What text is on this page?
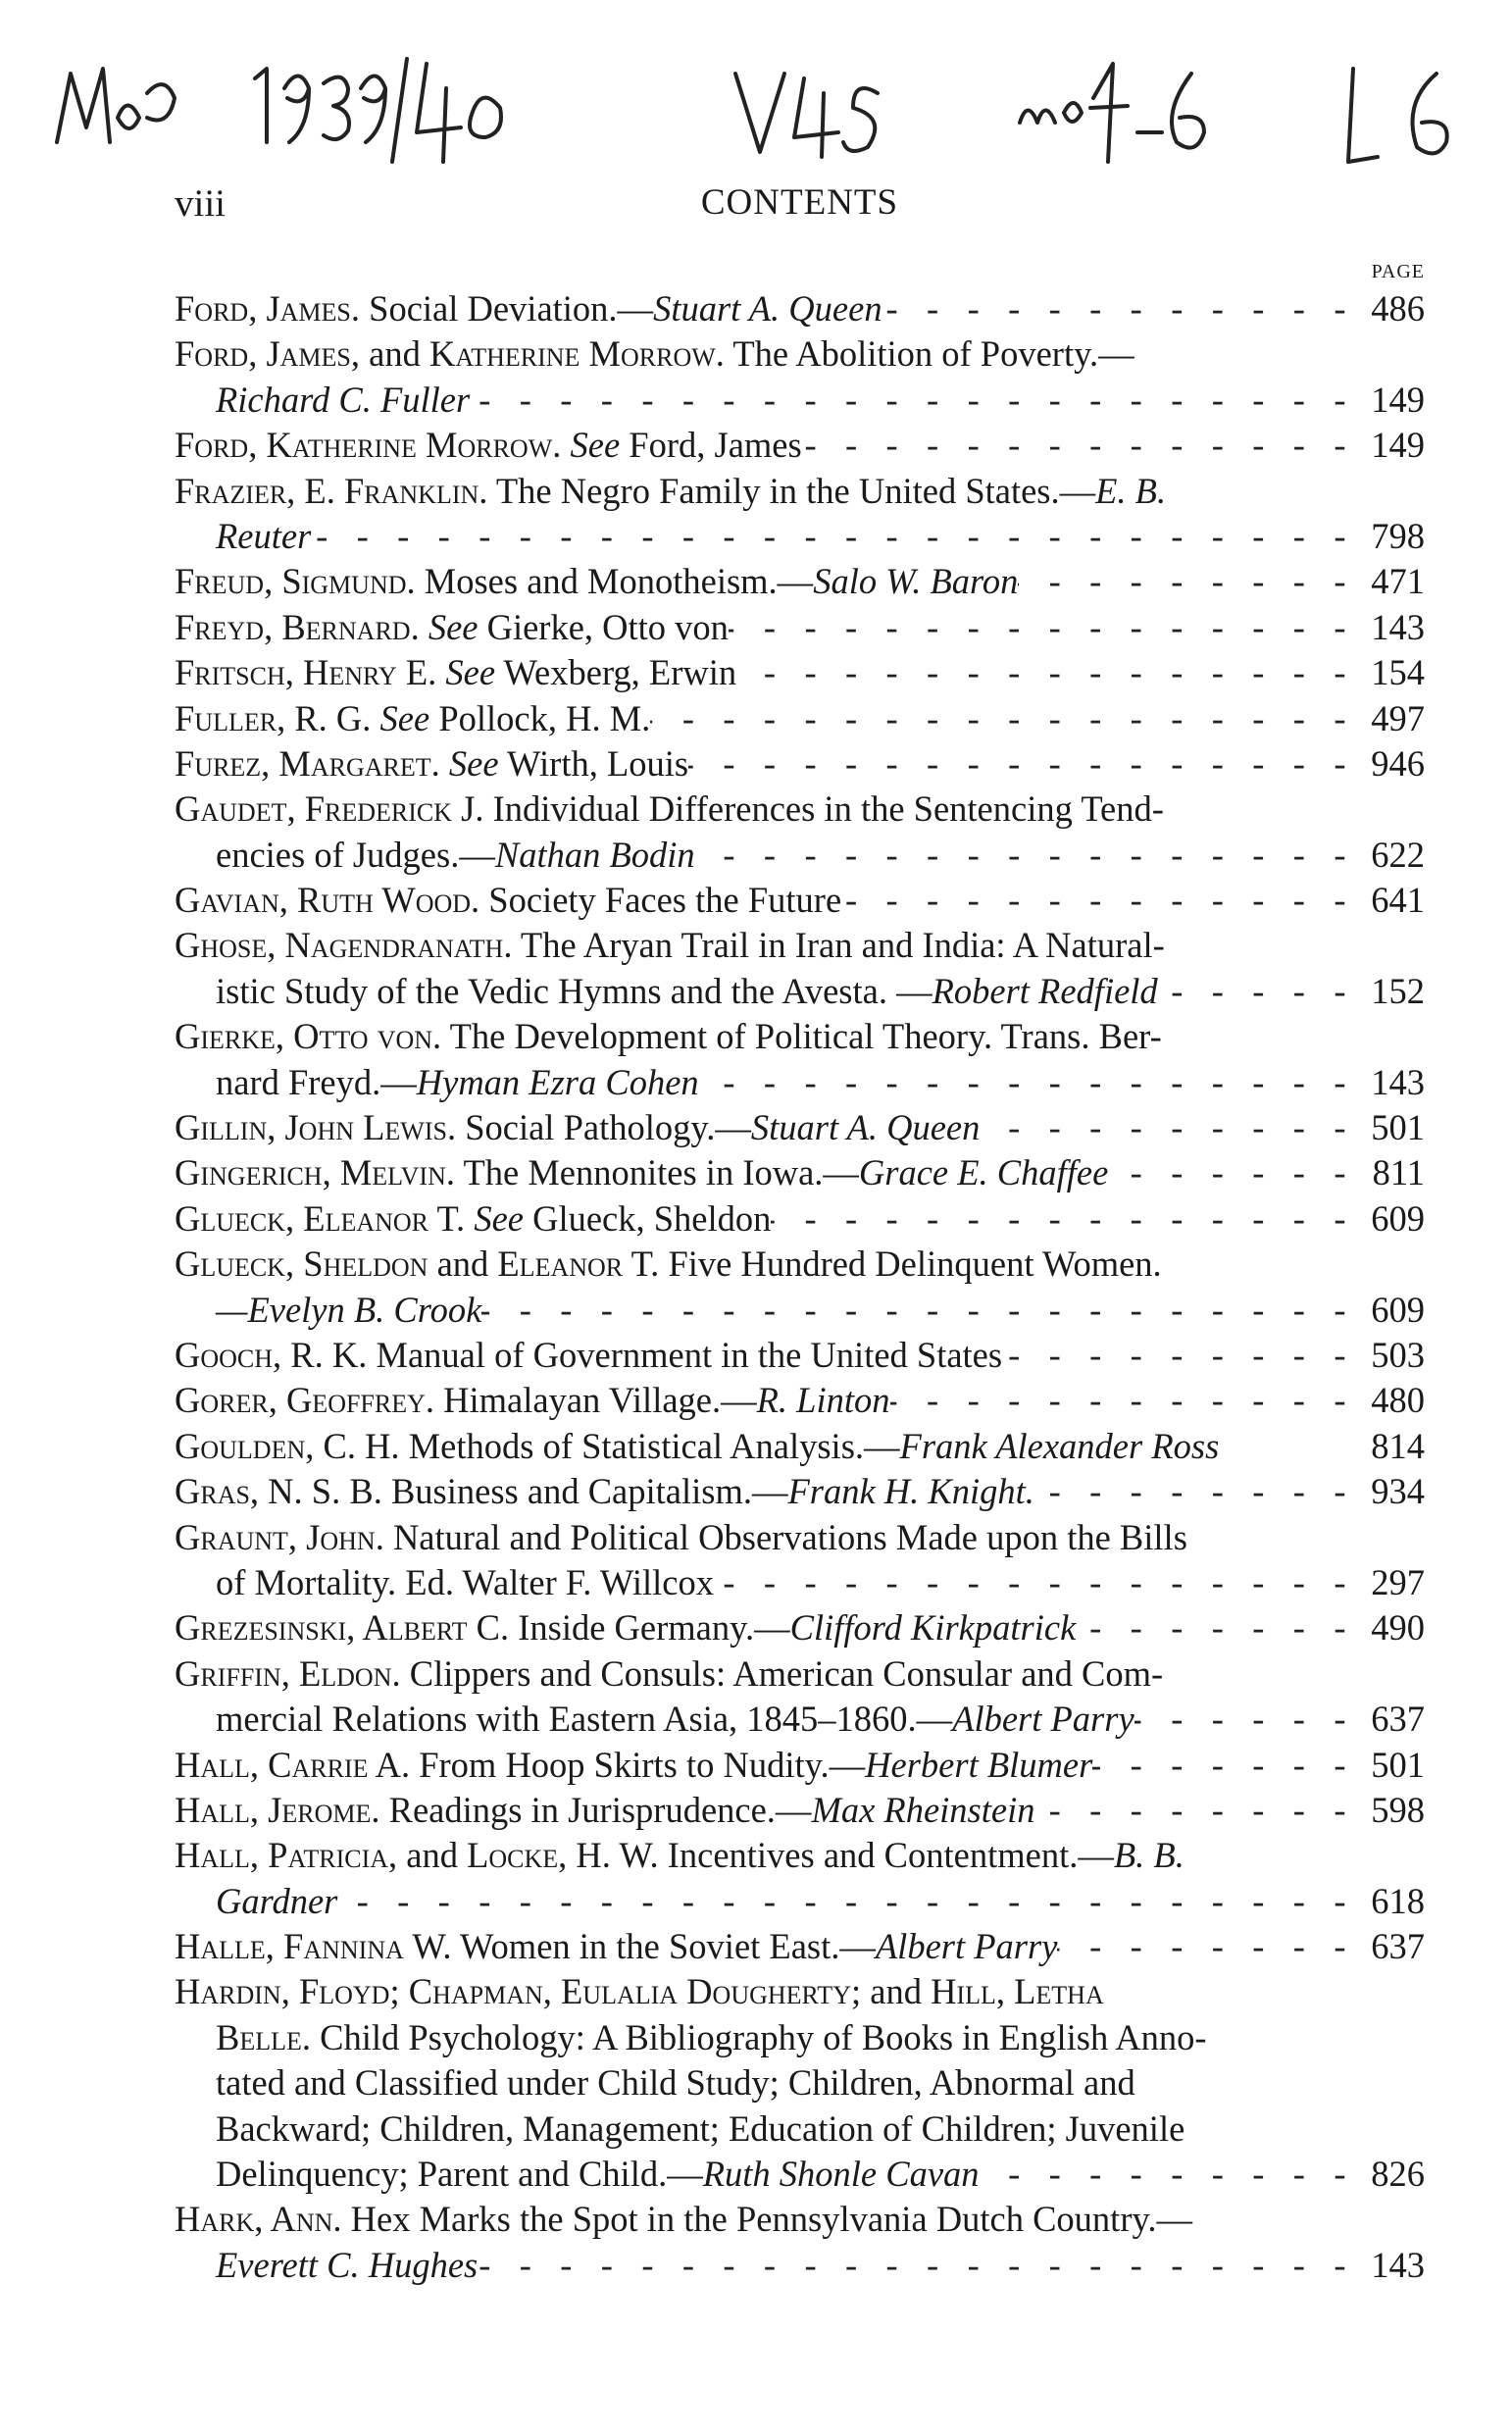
viii	CONTENTS
PAGE
Ford, James. Social Deviation.—Stuart A. Queen - -	486
Ford, James, and Katherine Morrow. The Abolition of Poverty.—
Richard C. Fuller - -	149
Ford, Katherine Morrow. See Ford, James - -	149
Frazier, E. Franklin. The Negro Family in the United States.—E. B.
Reuter - -	798
Freud, Sigmund. Moses and Monotheism.—Salo W. Baron - -	471
Freyd, Bernard. See Gierke, Otto von - -	143
Fritsch, Henry E. See Wexberg, Erwin - -	154
Fuller, R. G. See Pollock, H. M. - -	497
Furez, Margaret. See Wirth, Louis - -	946
Gaudet, Frederick J. Individual Differences in the Sentencing Tend-
encies of Judges.—Nathan Bodin - -	622
Gavian, Ruth Wood. Society Faces the Future - -	641
Ghose, Nagendranath. The Aryan Trail in Iran and India: A Natural-
istic Study of the Vedic Hymns and the Avesta. —Robert Redfield - -	152
Gierke, Otto von. The Development of Political Theory. Trans. Ber-
nard Freyd.—Hyman Ezra Cohen - -	143
Gillin, John Lewis. Social Pathology.—Stuart A. Queen - -	501
Gingerich, Melvin. The Mennonites in Iowa.—Grace E. Chaffee - -	811
Glueck, Eleanor T. See Glueck, Sheldon - -	609
Glueck, Sheldon and Eleanor T. Five Hundred Delinquent Women.
—Evelyn B. Crook - -	609
Gooch, R. K. Manual of Government in the United States - -	503
Gorer, Geoffrey. Himalayan Village.—R. Linton - -	480
Goulden, C. H. Methods of Statistical Analysis.—Frank Alexander Ross	814
Gras, N. S. B. Business and Capitalism.—Frank H. Knight. - -	934
Graunt, John. Natural and Political Observations Made upon the Bills
of Mortality. Ed. Walter F. Willcox - -	297
Grezesinski, Albert C. Inside Germany.—Clifford Kirkpatrick - -	490
Griffin, Eldon. Clippers and Consuls: American Consular and Com-
mercial Relations with Eastern Asia, 1845–1860.—Albert Parry - -	637
Hall, Carrie A. From Hoop Skirts to Nudity.—Herbert Blumer - -	501
Hall, Jerome. Readings in Jurisprudence.—Max Rheinstein - -	598
Hall, Patricia, and Locke, H. W. Incentives and Contentment.—B. B.
Gardner - -	618
Halle, Fannina W. Women in the Soviet East.—Albert Parry - -	637
Hardin, Floyd; Chapman, Eulalia Dougherty; and Hill, Letha
Belle. Child Psychology: A Bibliography of Books in English Anno-
tated and Classified under Child Study; Children, Abnormal and
Backward; Children, Management; Education of Children; Juvenile
Delinquency; Parent and Child.—Ruth Shonle Cavan - -	826
Hark, Ann. Hex Marks the Spot in the Pennsylvania Dutch Country.—
Everett C. Hughes - -	143
